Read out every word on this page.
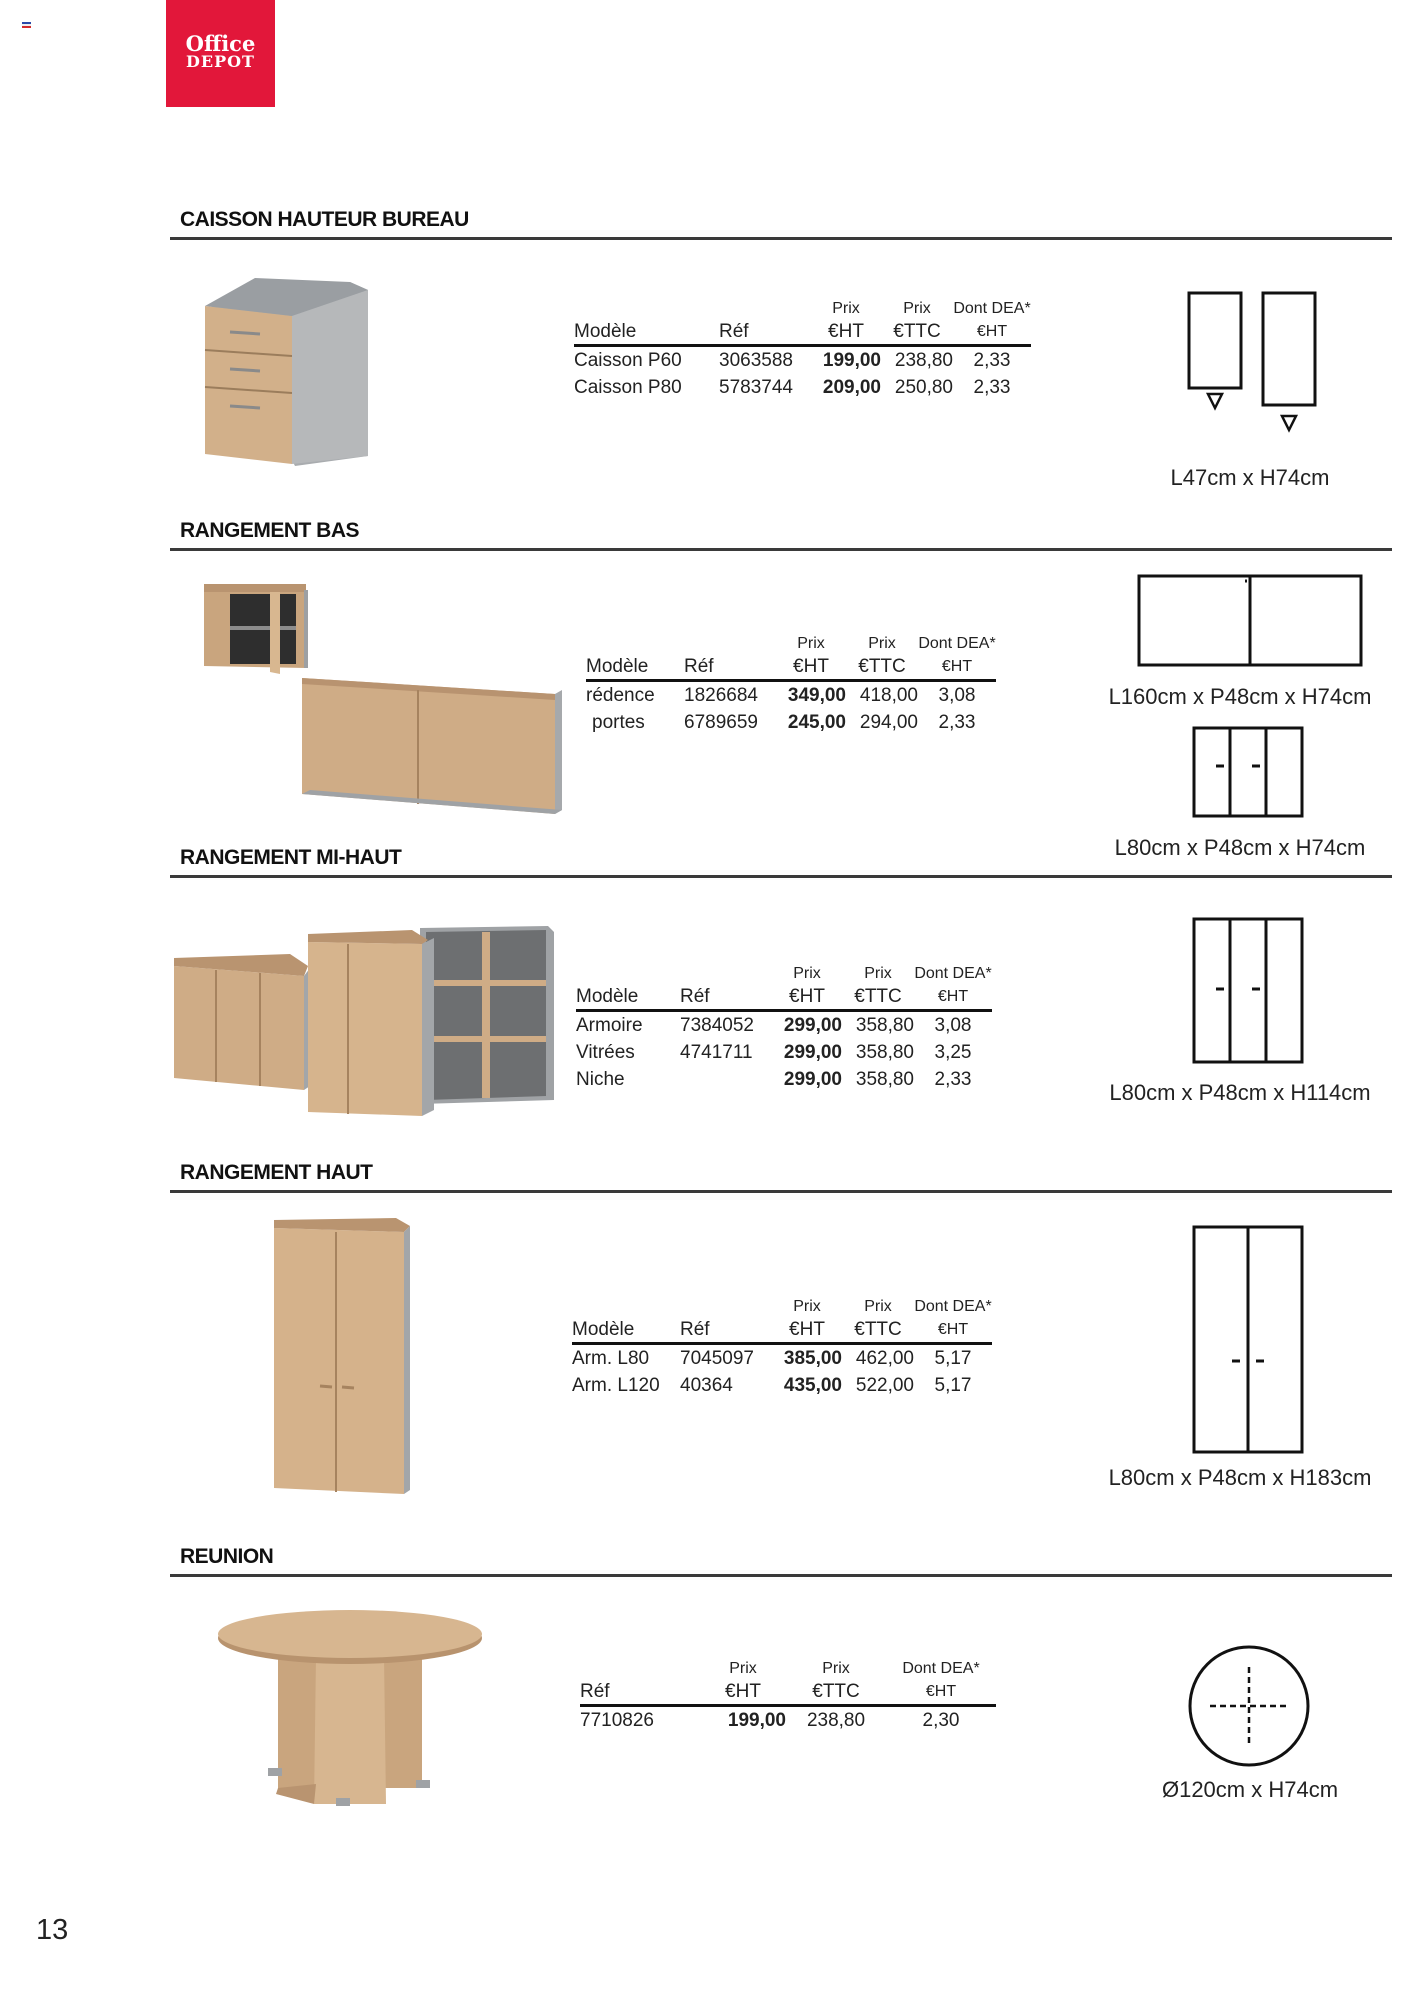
Office
DEPOT
CAISSON HAUTEUR BUREAU
		Prix	Prix	Dont DEA*
Modèle	Réf	€HT	€TTC	€HT
Caisson P60	3063588	199,00	238,80	2,33
Caisson P80	5783744	209,00	250,80	2,33
L47cm x H74cm
RANGEMENT BAS
		Prix	Prix	Dont DEA*
Modèle	Réf	€HT	€TTC	€HT
rédence	1826684	349,00	418,00	3,08
portes	6789659	245,00	294,00	2,33
L160cm x P48cm x H74cm
L80cm x P48cm x H74cm
RANGEMENT MI-HAUT
		Prix	Prix	Dont DEA*
Modèle	Réf	€HT	€TTC	€HT
Armoire	7384052	299,00	358,80	3,08
Vitrées	4741711	299,00	358,80	3,25
Niche		299,00	358,80	2,33
L80cm x P48cm x H114cm
RANGEMENT HAUT
		Prix	Prix	Dont DEA*
Modèle	Réf	€HT	€TTC	€HT
Arm. L80	7045097	385,00	462,00	5,17
Arm. L120	40364	435,00	522,00	5,17
L80cm x P48cm x H183cm
REUNION
	Prix	Prix	Dont DEA*
Réf	€HT	€TTC	€HT
7710826	199,00	238,80	2,30
Ø120cm x H74cm
13
